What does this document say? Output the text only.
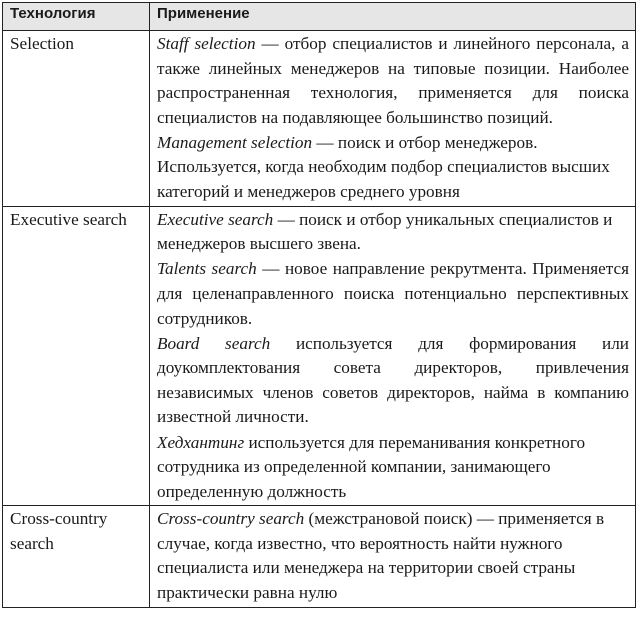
Технология	Применение
Selection	Staff selection — отбор специалистов и линейного персонала, а также линейных менеджеров на типовые позиции. Наиболее распространенная технология, применяется для поиска специалистов на подавляющее большинство позиций.

Management selection — поиск и отбор менеджеров. Используется, когда необходим подбор специалистов высших категорий и менеджеров среднего уровня

Executive search	Executive search — поиск и отбор уникальных специалистов и менеджеров высшего звена.

Talents search — новое направление рекрутмента. Применяется для целенаправленного поиска потенциально перспективных сотрудников.

Board search используется для формирования или доукомплектования совета директоров, привлечения независимых членов советов директоров, найма в компанию известной личности.

Хедхантинг используется для переманивания конкретного сотрудника из определенной компании, занимающего определенную должность

Cross-country search	Cross-country search (межстрановой поиск) — применяется в случае, когда известно, что вероятность найти нужного специалиста или менеджера на территории своей страны практически равна нулю
